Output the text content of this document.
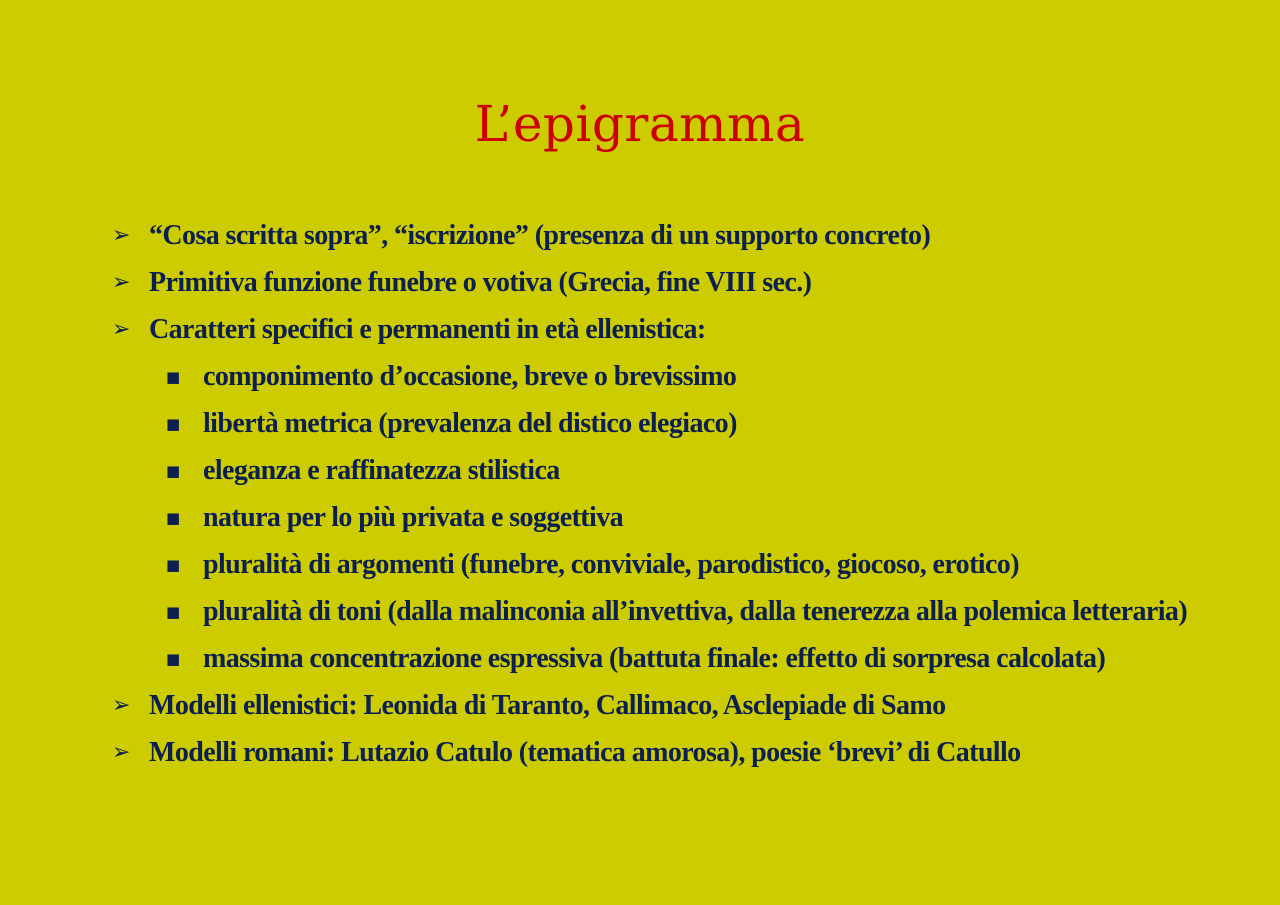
L’epigramma

➢ “Cosa scritta sopra”, “iscrizione” (presenza di un supporto concreto)

➢ Primitiva funzione funebre o votiva (Grecia, fine VIII sec.)

➢ Caratteri specifici e permanenti in età ellenistica:

■ componimento d’occasione, breve o brevissimo

■ libertà metrica (prevalenza del distico elegiaco)

■ eleganza e raffinatezza stilistica

■ natura per lo più privata e soggettiva

■ pluralità di argomenti (funebre, conviviale, parodistico, giocoso, erotico)

■ pluralità di toni (dalla malinconia all’invettiva, dalla tenerezza alla polemica letteraria)

■ massima concentrazione espressiva (battuta finale: effetto di sorpresa calcolata)

➢ Modelli ellenistici: Leonida di Taranto, Callimaco, Asclepiade di Samo

➢ Modelli romani: Lutazio Catulo (tematica amorosa), poesie ‘brevi’ di Catullo
